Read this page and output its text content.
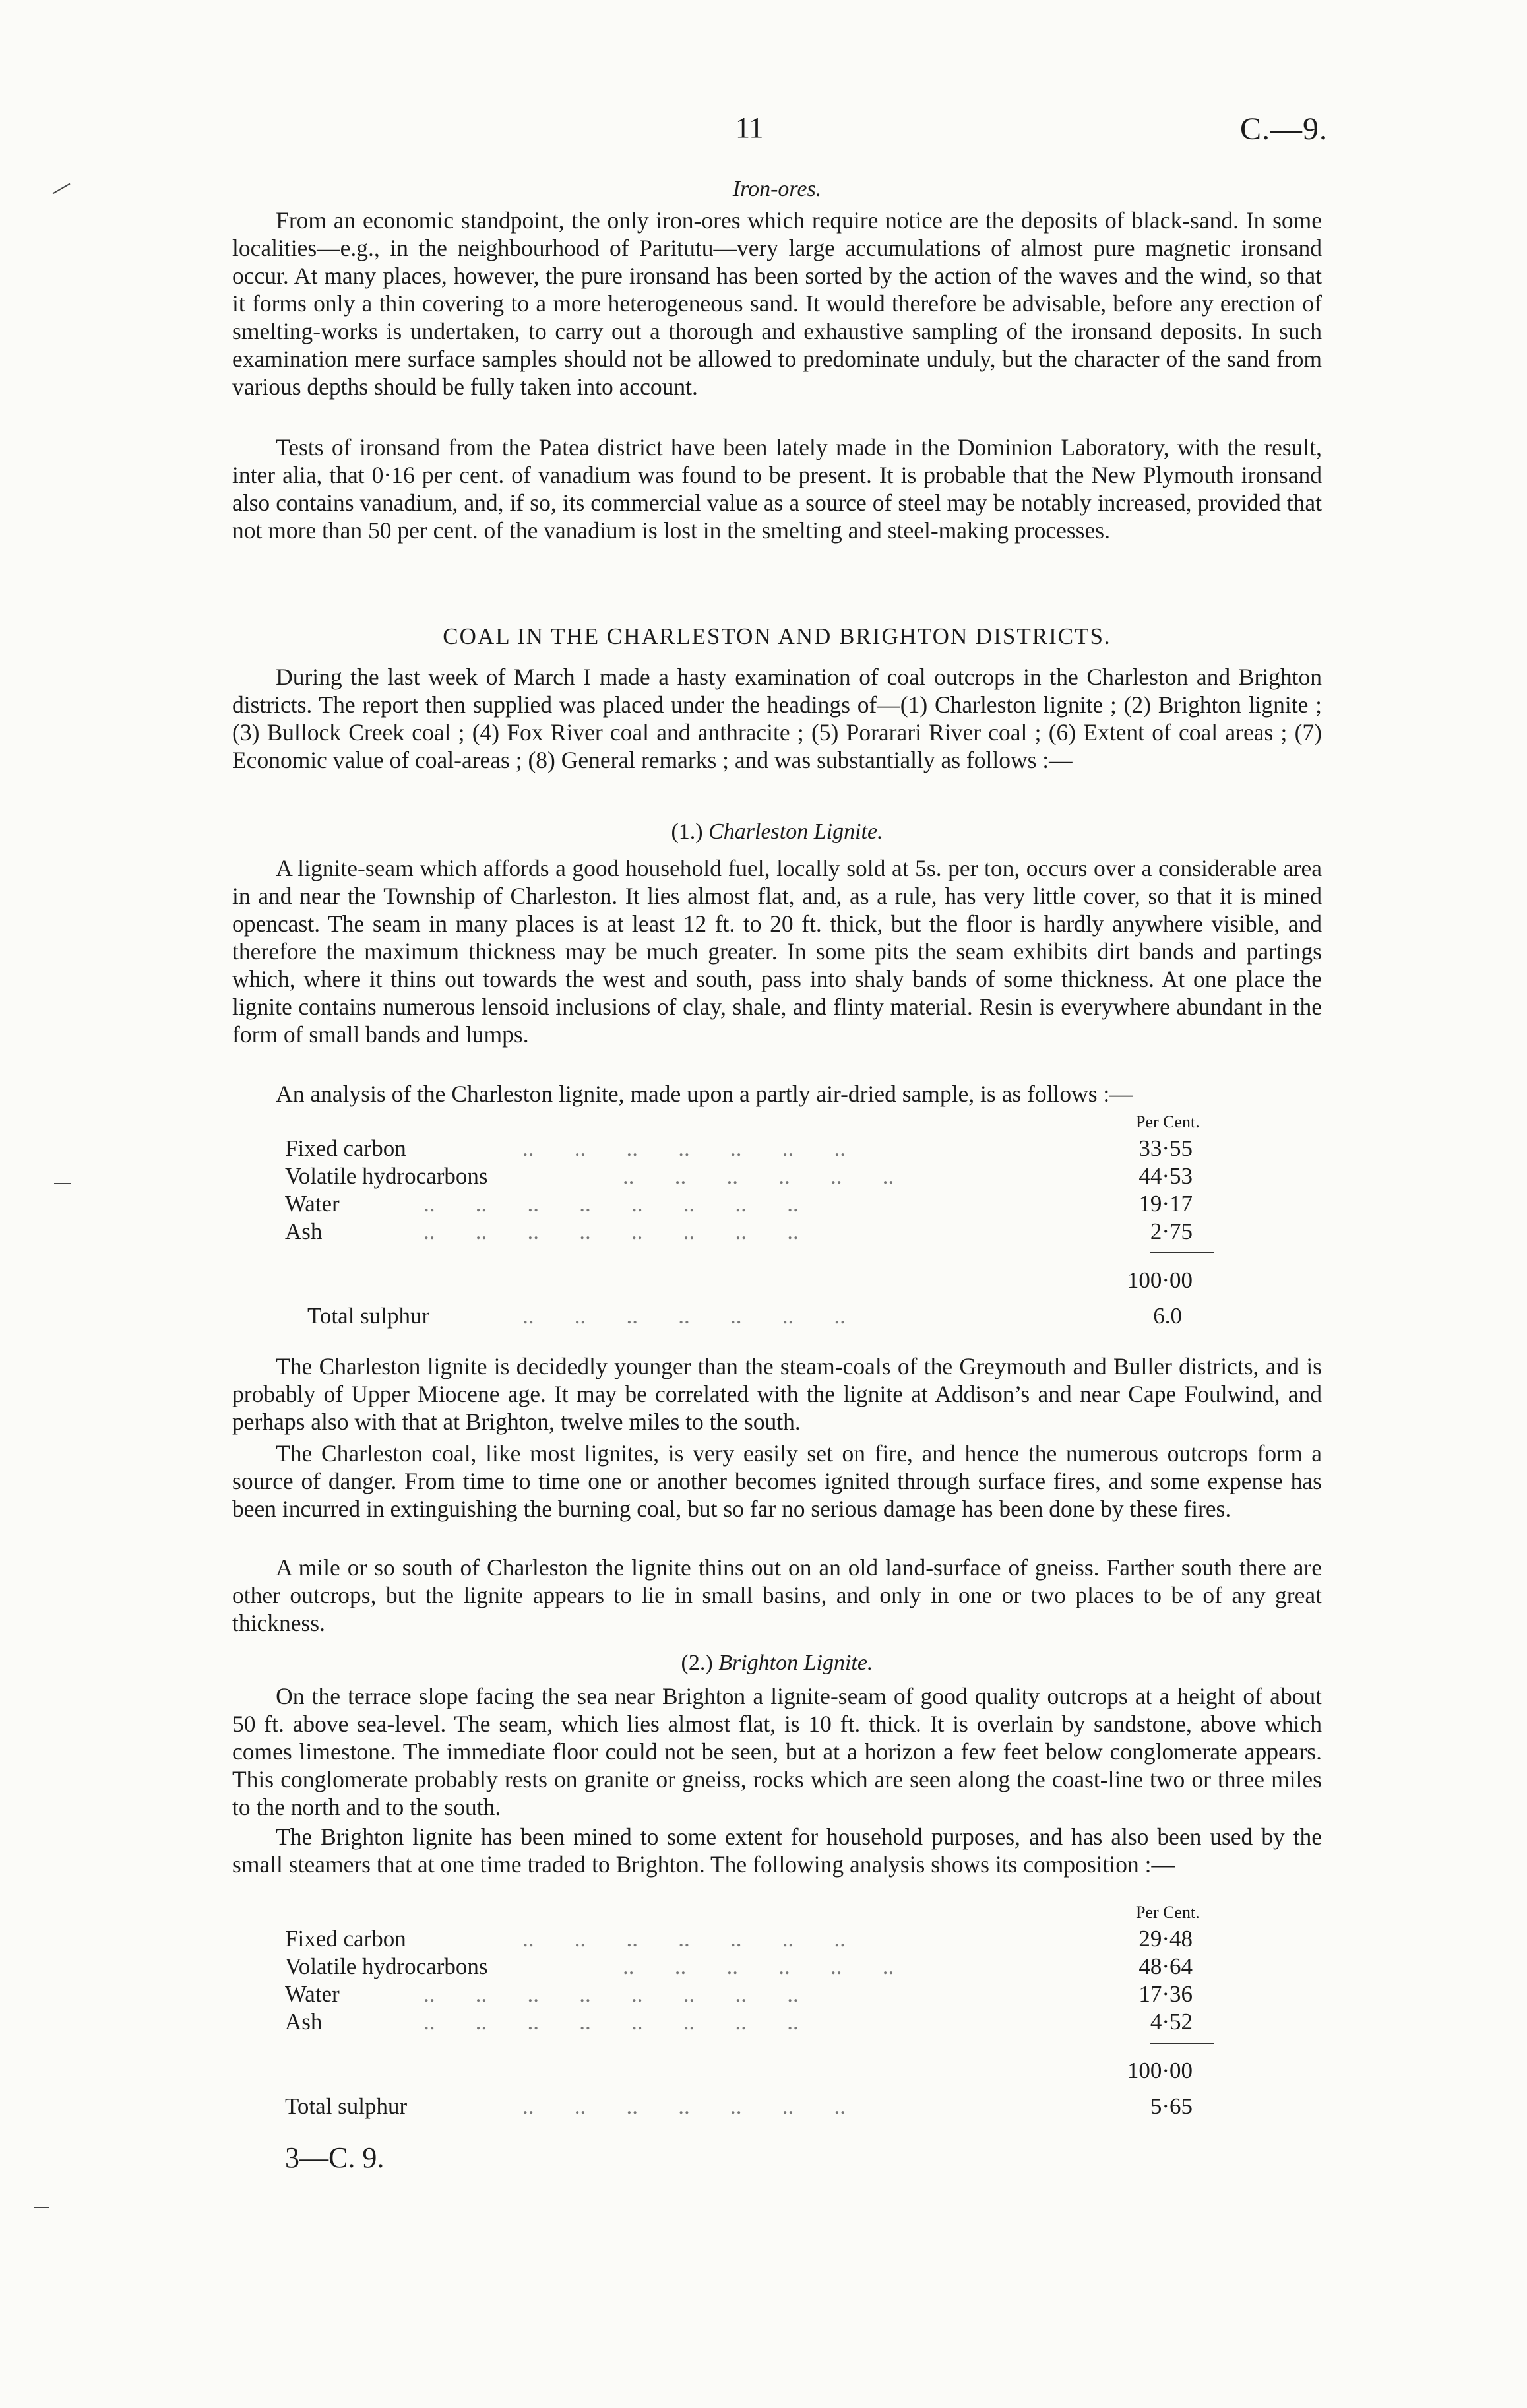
11	C.—9.

Iron-ores.

From an economic standpoint, the only iron-ores which require notice are the deposits of black-sand. In some localities—e.g., in the neighbourhood of Paritutu—very large accumulations of almost pure magnetic ironsand occur. At many places, however, the pure ironsand has been sorted by the action of the waves and the wind, so that it forms only a thin covering to a more heterogeneous sand. It would therefore be advisable, before any erection of smelting-works is undertaken, to carry out a thorough and exhaustive sampling of the ironsand deposits. In such examination mere surface samples should not be allowed to predominate unduly, but the character of the sand from various depths should be fully taken into account.

Tests of ironsand from the Patea district have been lately made in the Dominion Laboratory, with the result, inter alia, that 0·16 per cent. of vanadium was found to be present. It is probable that the New Plymouth ironsand also contains vanadium, and, if so, its commercial value as a source of steel may be notably increased, provided that not more than 50 per cent. of the vanadium is lost in the smelting and steel-making processes.

COAL IN THE CHARLESTON AND BRIGHTON DISTRICTS.

During the last week of March I made a hasty examination of coal outcrops in the Charleston and Brighton districts. The report then supplied was placed under the headings of—(1) Charleston lignite ; (2) Brighton lignite ; (3) Bullock Creek coal ; (4) Fox River coal and anthracite ; (5) Porarari River coal ; (6) Extent of coal areas ; (7) Economic value of coal-areas ; (8) General remarks ; and was substantially as follows :—

(1.) Charleston Lignite.

A lignite-seam which affords a good household fuel, locally sold at 5s. per ton, occurs over a considerable area in and near the Township of Charleston. It lies almost flat, and, as a rule, has very little cover, so that it is mined opencast. The seam in many places is at least 12 ft. to 20 ft. thick, but the floor is hardly anywhere visible, and therefore the maximum thickness may be much greater. In some pits the seam exhibits dirt bands and partings which, where it thins out towards the west and south, pass into shaly bands of some thickness. At one place the lignite contains numerous lensoid inclusions of clay, shale, and flinty material. Resin is everywhere abundant in the form of small bands and lumps.

An analysis of the Charleston lignite, made upon a partly air-dried sample, is as follows :—

Per Cent.
Fixed carbon	..       ..       ..       ..       ..       ..       ..	33·55
Volatile hydrocarbons	..       ..       ..       ..       ..       ..	44·53
Water	..       ..       ..       ..       ..       ..       ..       ..	19·17
Ash	..       ..       ..       ..       ..       ..       ..       ..	2·75
100·00
Total sulphur	..       ..       ..       ..       ..       ..       ..	6.0

The Charleston lignite is decidedly younger than the steam-coals of the Greymouth and Buller districts, and is probably of Upper Miocene age. It may be correlated with the lignite at Addison’s and near Cape Foulwind, and perhaps also with that at Brighton, twelve miles to the south.

The Charleston coal, like most lignites, is very easily set on fire, and hence the numerous outcrops form a source of danger. From time to time one or another becomes ignited through surface fires, and some expense has been incurred in extinguishing the burning coal, but so far no serious damage has been done by these fires.

A mile or so south of Charleston the lignite thins out on an old land-surface of gneiss. Farther south there are other outcrops, but the lignite appears to lie in small basins, and only in one or two places to be of any great thickness.

(2.) Brighton Lignite.

On the terrace slope facing the sea near Brighton a lignite-seam of good quality outcrops at a height of about 50 ft. above sea-level. The seam, which lies almost flat, is 10 ft. thick. It is overlain by sandstone, above which comes limestone. The immediate floor could not be seen, but at a horizon a few feet below conglomerate appears. This conglomerate probably rests on granite or gneiss, rocks which are seen along the coast-line two or three miles to the north and to the south.

The Brighton lignite has been mined to some extent for household purposes, and has also been used by the small steamers that at one time traded to Brighton. The following analysis shows its composition :—

Per Cent.
Fixed carbon	..       ..       ..       ..       ..       ..       ..	29·48
Volatile hydrocarbons	..       ..       ..       ..       ..       ..	48·64
Water	..       ..       ..       ..       ..       ..       ..       ..	17·36
Ash	..       ..       ..       ..       ..       ..       ..       ..	4·52
100·00
Total sulphur	..       ..       ..       ..       ..       ..       ..	5·65
3—C. 9.
